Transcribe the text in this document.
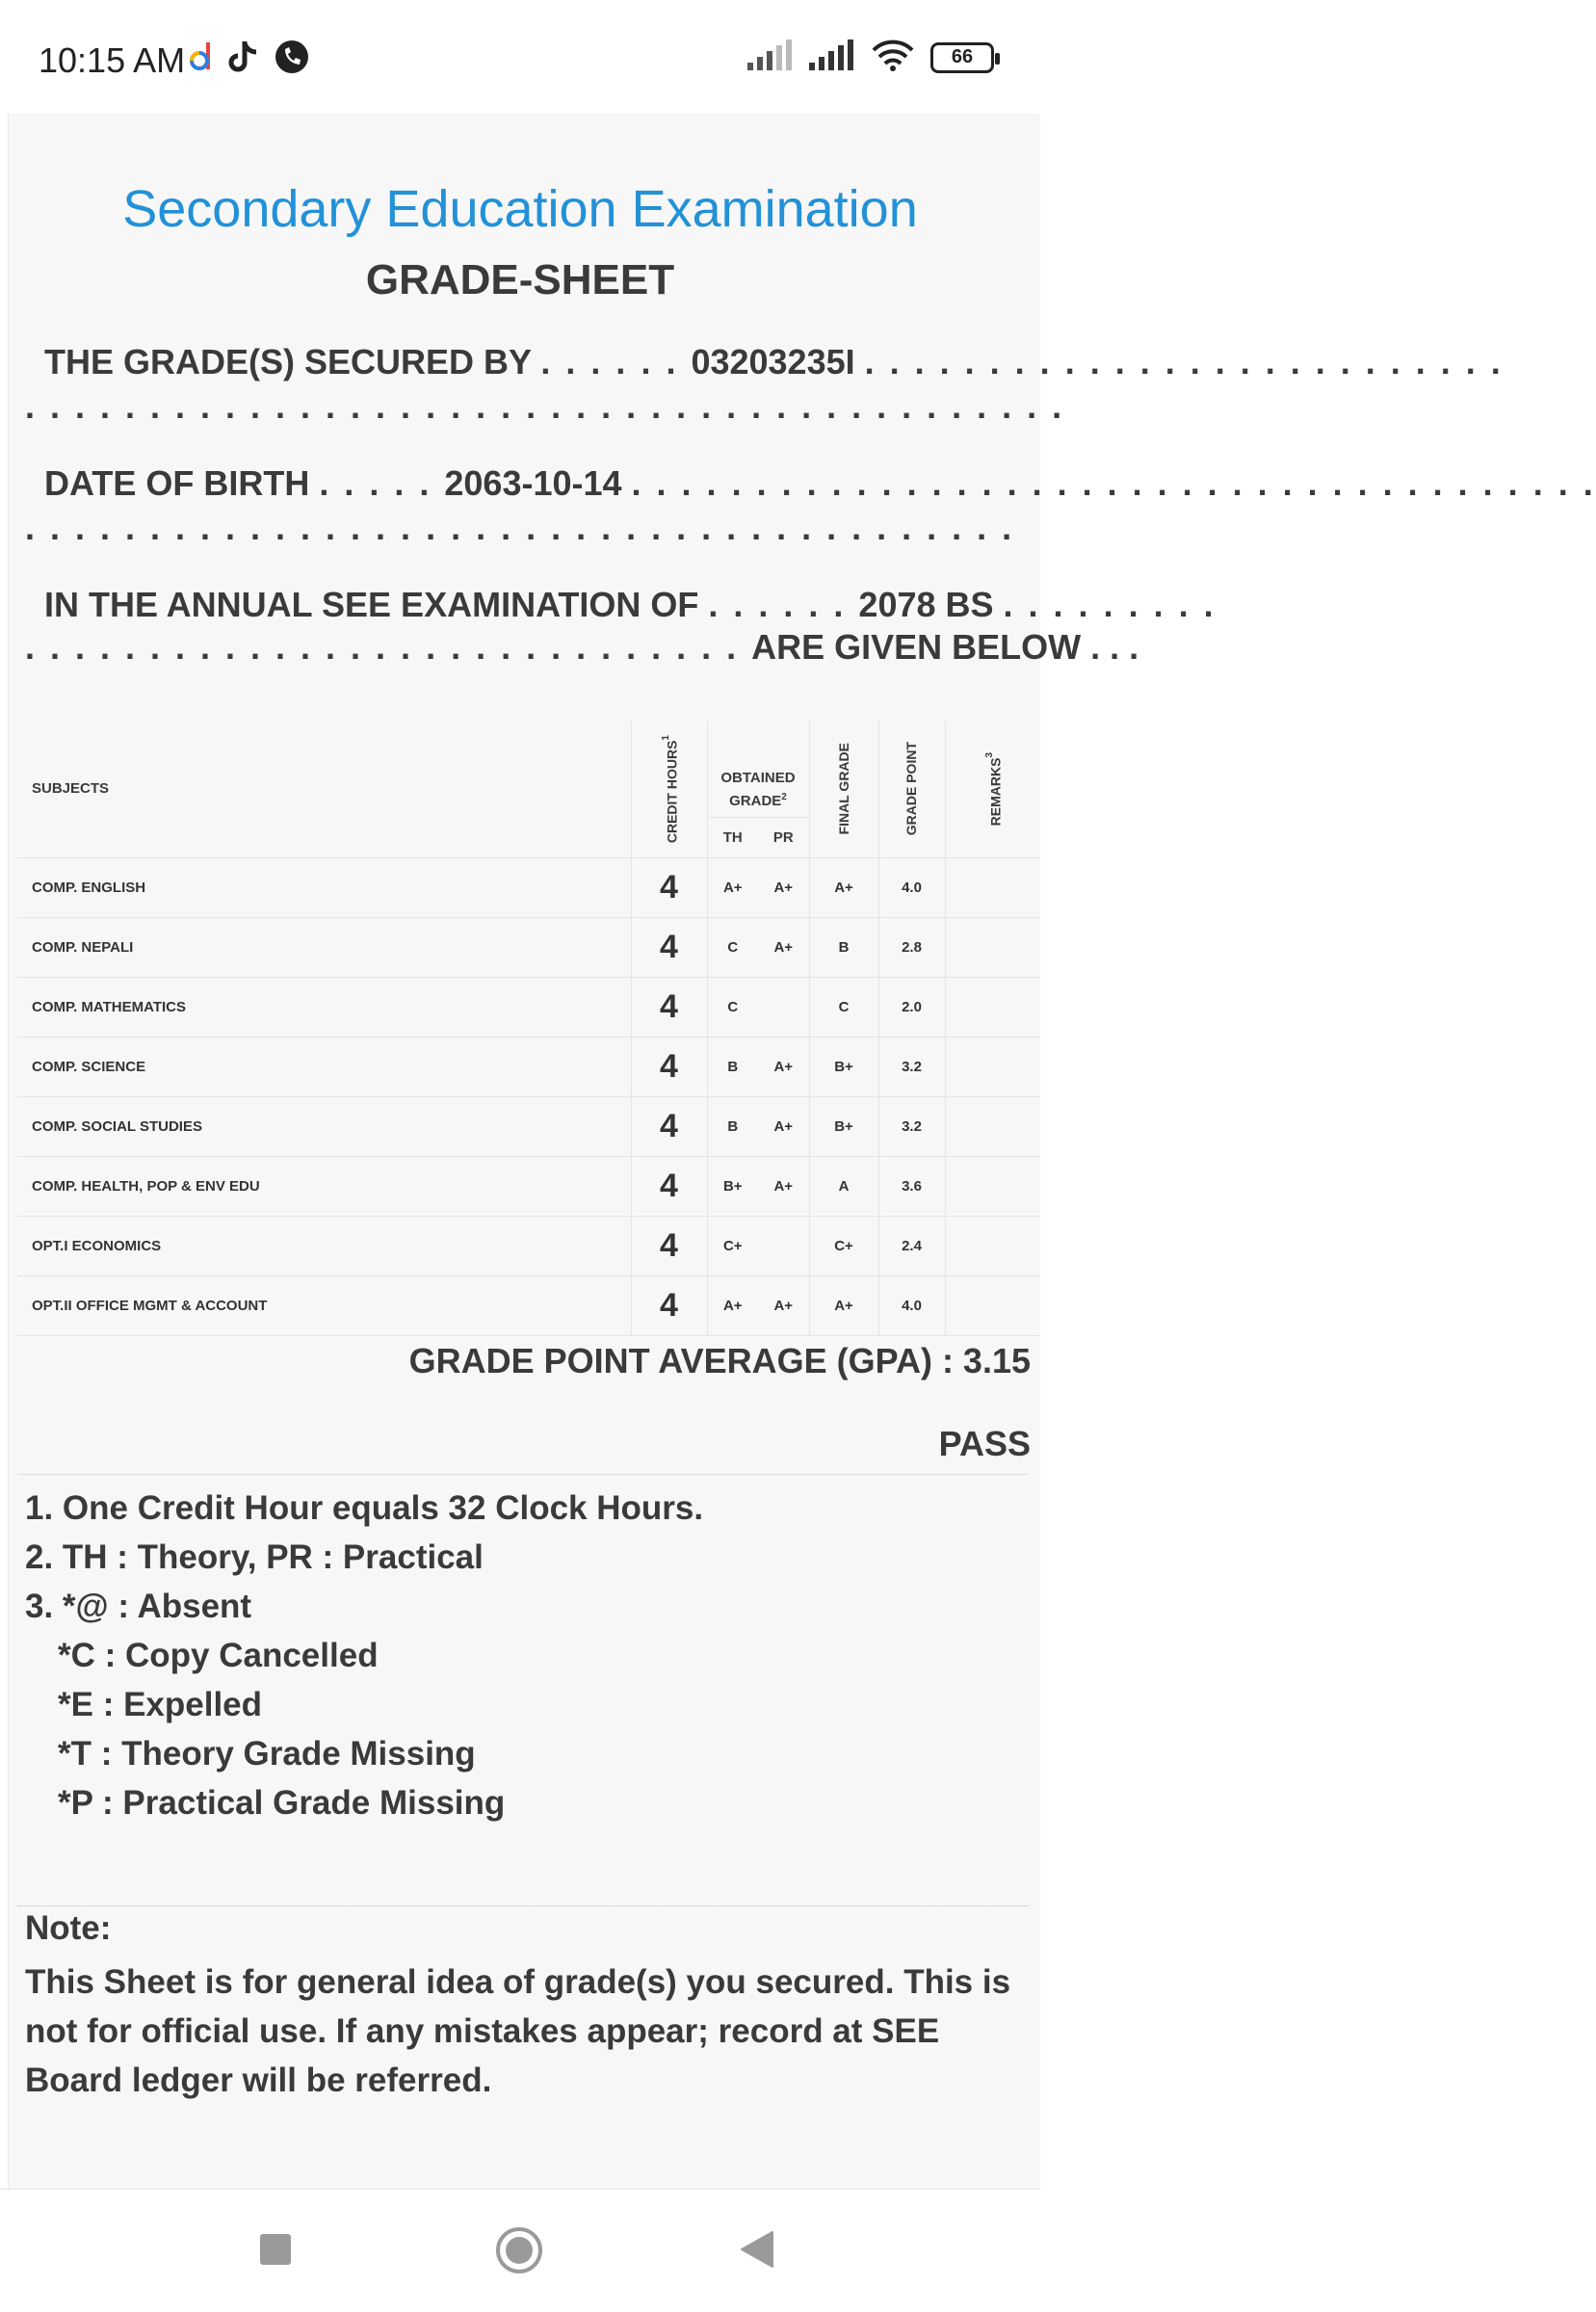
10:15 AM	66
Secondary Education Examination
GRADE-SHEET
THE GRADE(S) SECURED BY . . . . . . 03203235I . . . . . . . . . . . . . . . . . . . . . . . . . .
. . . . . . . . . . . . . . . . . . . . . . . . . . . . . . . . . . . . . . . . . .
DATE OF BIRTH . . . . . 2063-10-14 . . . . . . . . . . . . . . . . . . . . . . . . . . . . . . . . . . . . . . .
. . . . . . . . . . . . . . . . . . . . . . . . . . . . . . . . . . . . . . . .
IN THE ANNUAL SEE EXAMINATION OF . . . . . . 2078 BS . . . . . . . . .
. . . . . . . . . . . . . . . . . . . . . . . . . . . . . ARE GIVEN BELOW . . .
SUBJECTS	CREDIT HOURS$^1$	OBTAINED GRADE$^2$		FINAL GRADE	GRADE POINT	REMARKS$^3$

		TH	PR			
COMP. ENGLISH	4	A+	A+	A+	4.0	
COMP. NEPALI	4	C	A+	B	2.8	
COMP. MATHEMATICS	4	C		C	2.0	
COMP. SCIENCE	4	B	A+	B+	3.2	
COMP. SOCIAL STUDIES	4	B	A+	B+	3.2	
COMP. HEALTH, POP & ENV EDU	4	B+	A+	A	3.6	
OPT.I ECONOMICS	4	C+		C+	2.4	
OPT.II OFFICE MGMT & ACCOUNT	4	A+	A+	A+	4.0	
GRADE POINT AVERAGE (GPA) : 3.15
PASS
1. One Credit Hour equals 32 Clock Hours.
2. TH : Theory, PR : Practical
3. *@ : Absent
*C : Copy Cancelled
*E : Expelled
*T : Theory Grade Missing
*P : Practical Grade Missing
Note:
This Sheet is for general idea of grade(s) you secured. This is not for official use. If any mistakes appear; record at SEE Board ledger will be referred.
